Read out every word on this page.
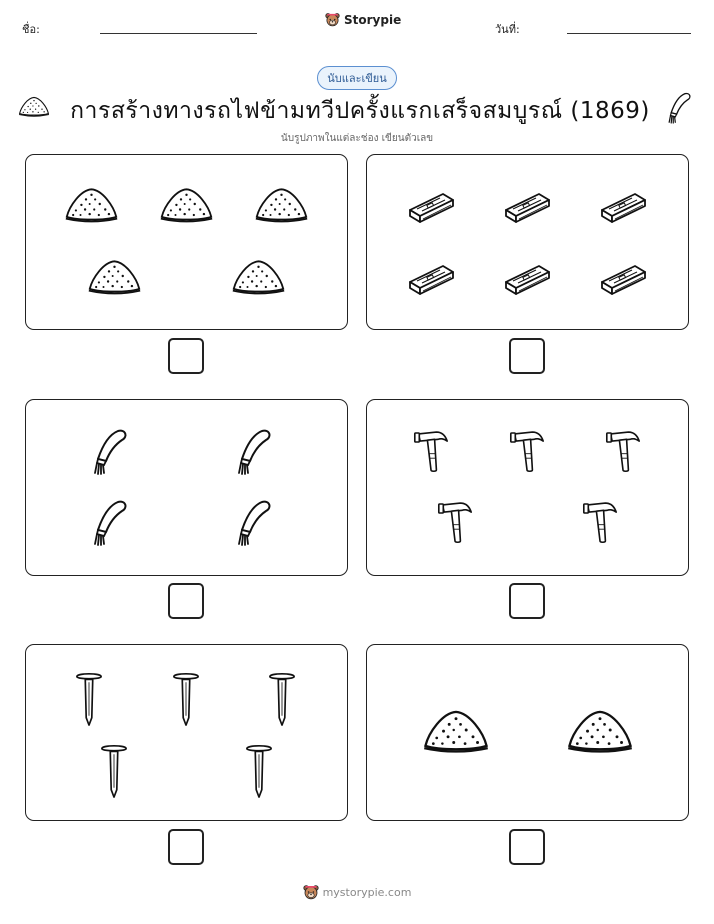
ชื่อ:
Storypie
วันที่:
นับและเขียน
การสร้างทางรถไฟข้ามทวีปครั้งแรกเสร็จสมบูรณ์ (1869)
นับรูปภาพในแต่ละช่อง เขียนตัวเลข
mystorypie.com
